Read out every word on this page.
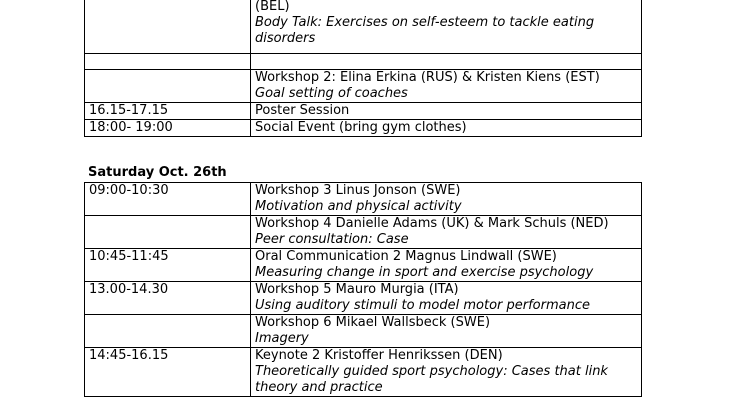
	(BEL)
Body Talk: Exercises on self-esteem to tackle eating disorders

	Workshop 2: Elina Erkina (RUS) & Kristen Kiens (EST)
Goal setting of coaches

16.15-17.15	Poster Session
18:00- 19:00	Social Event (bring gym clothes)
Saturday Oct. 26th
09:00-10:30	Workshop 3 Linus Jonson (SWE)
Motivation and physical activity

	Workshop 4 Danielle Adams (UK) & Mark Schuls (NED)
Peer consultation: Case

10:45-11:45	Oral Communication 2 Magnus Lindwall (SWE)
Measuring change in sport and exercise psychology

13.00-14.30	Workshop 5 Mauro Murgia (ITA)
Using auditory stimuli to model motor performance

	Workshop 6 Mikael Wallsbeck (SWE)
Imagery

14:45-16.15	Keynote 2 Kristoffer Henrikssen (DEN)
Theoretically guided sport psychology: Cases that link theory and practice
